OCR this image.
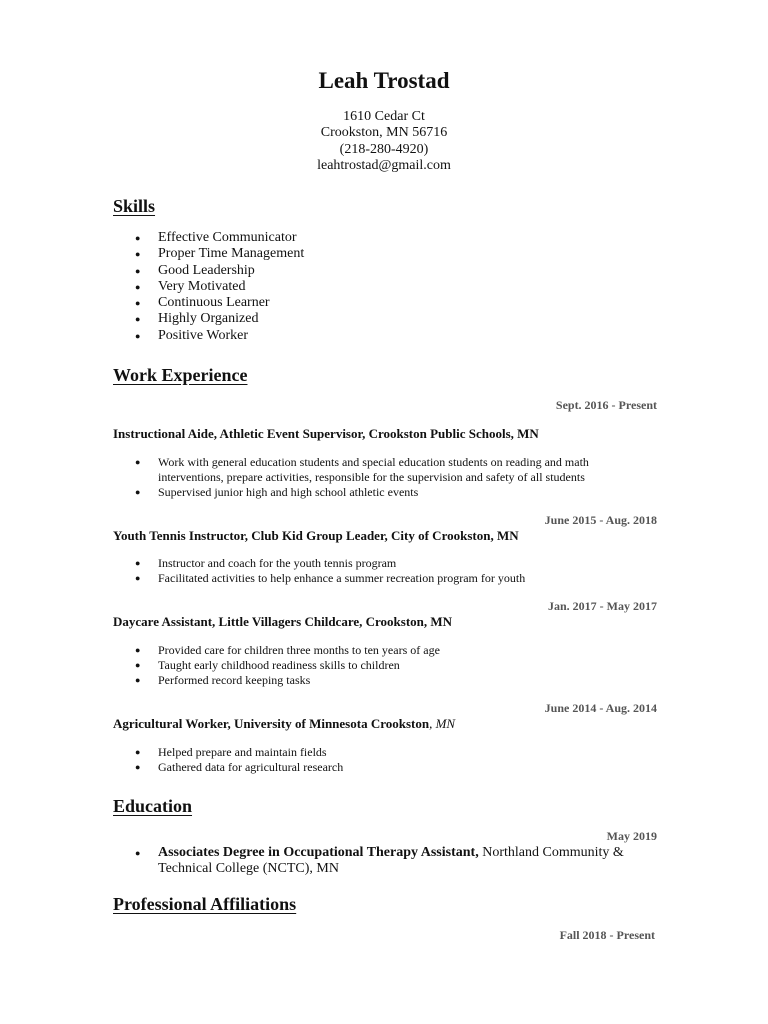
Leah Trostad
1610 Cedar Ct
Crookston, MN 56716
(218-280-4920)
leahtrostad@gmail.com
Skills
● Effective Communicator
● Proper Time Management
● Good Leadership
● Very Motivated
● Continuous Learner
● Highly Organized
● Positive Worker
Work Experience
Sept. 2016 - Present
Instructional Aide, Athletic Event Supervisor, Crookston Public Schools, MN
● Work with general education students and special education students on reading and math interventions, prepare activities, responsible for the supervision and safety of all students
● Supervised junior high and high school athletic events
June 2015 - Aug. 2018
Youth Tennis Instructor, Club Kid Group Leader, City of Crookston, MN
● Instructor and coach for the youth tennis program
● Facilitated activities to help enhance a summer recreation program for youth
Jan. 2017 - May 2017
Daycare Assistant, Little Villagers Childcare, Crookston, MN
● Provided care for children three months to ten years of age
● Taught early childhood readiness skills to children
● Performed record keeping tasks
June 2014 - Aug. 2014
Agricultural Worker, University of Minnesota Crookston, MN
● Helped prepare and maintain fields
● Gathered data for agricultural research
Education
May 2019
● Associates Degree in Occupational Therapy Assistant, Northland Community & Technical College (NCTC), MN
Professional Affiliations
Fall 2018 - Present
